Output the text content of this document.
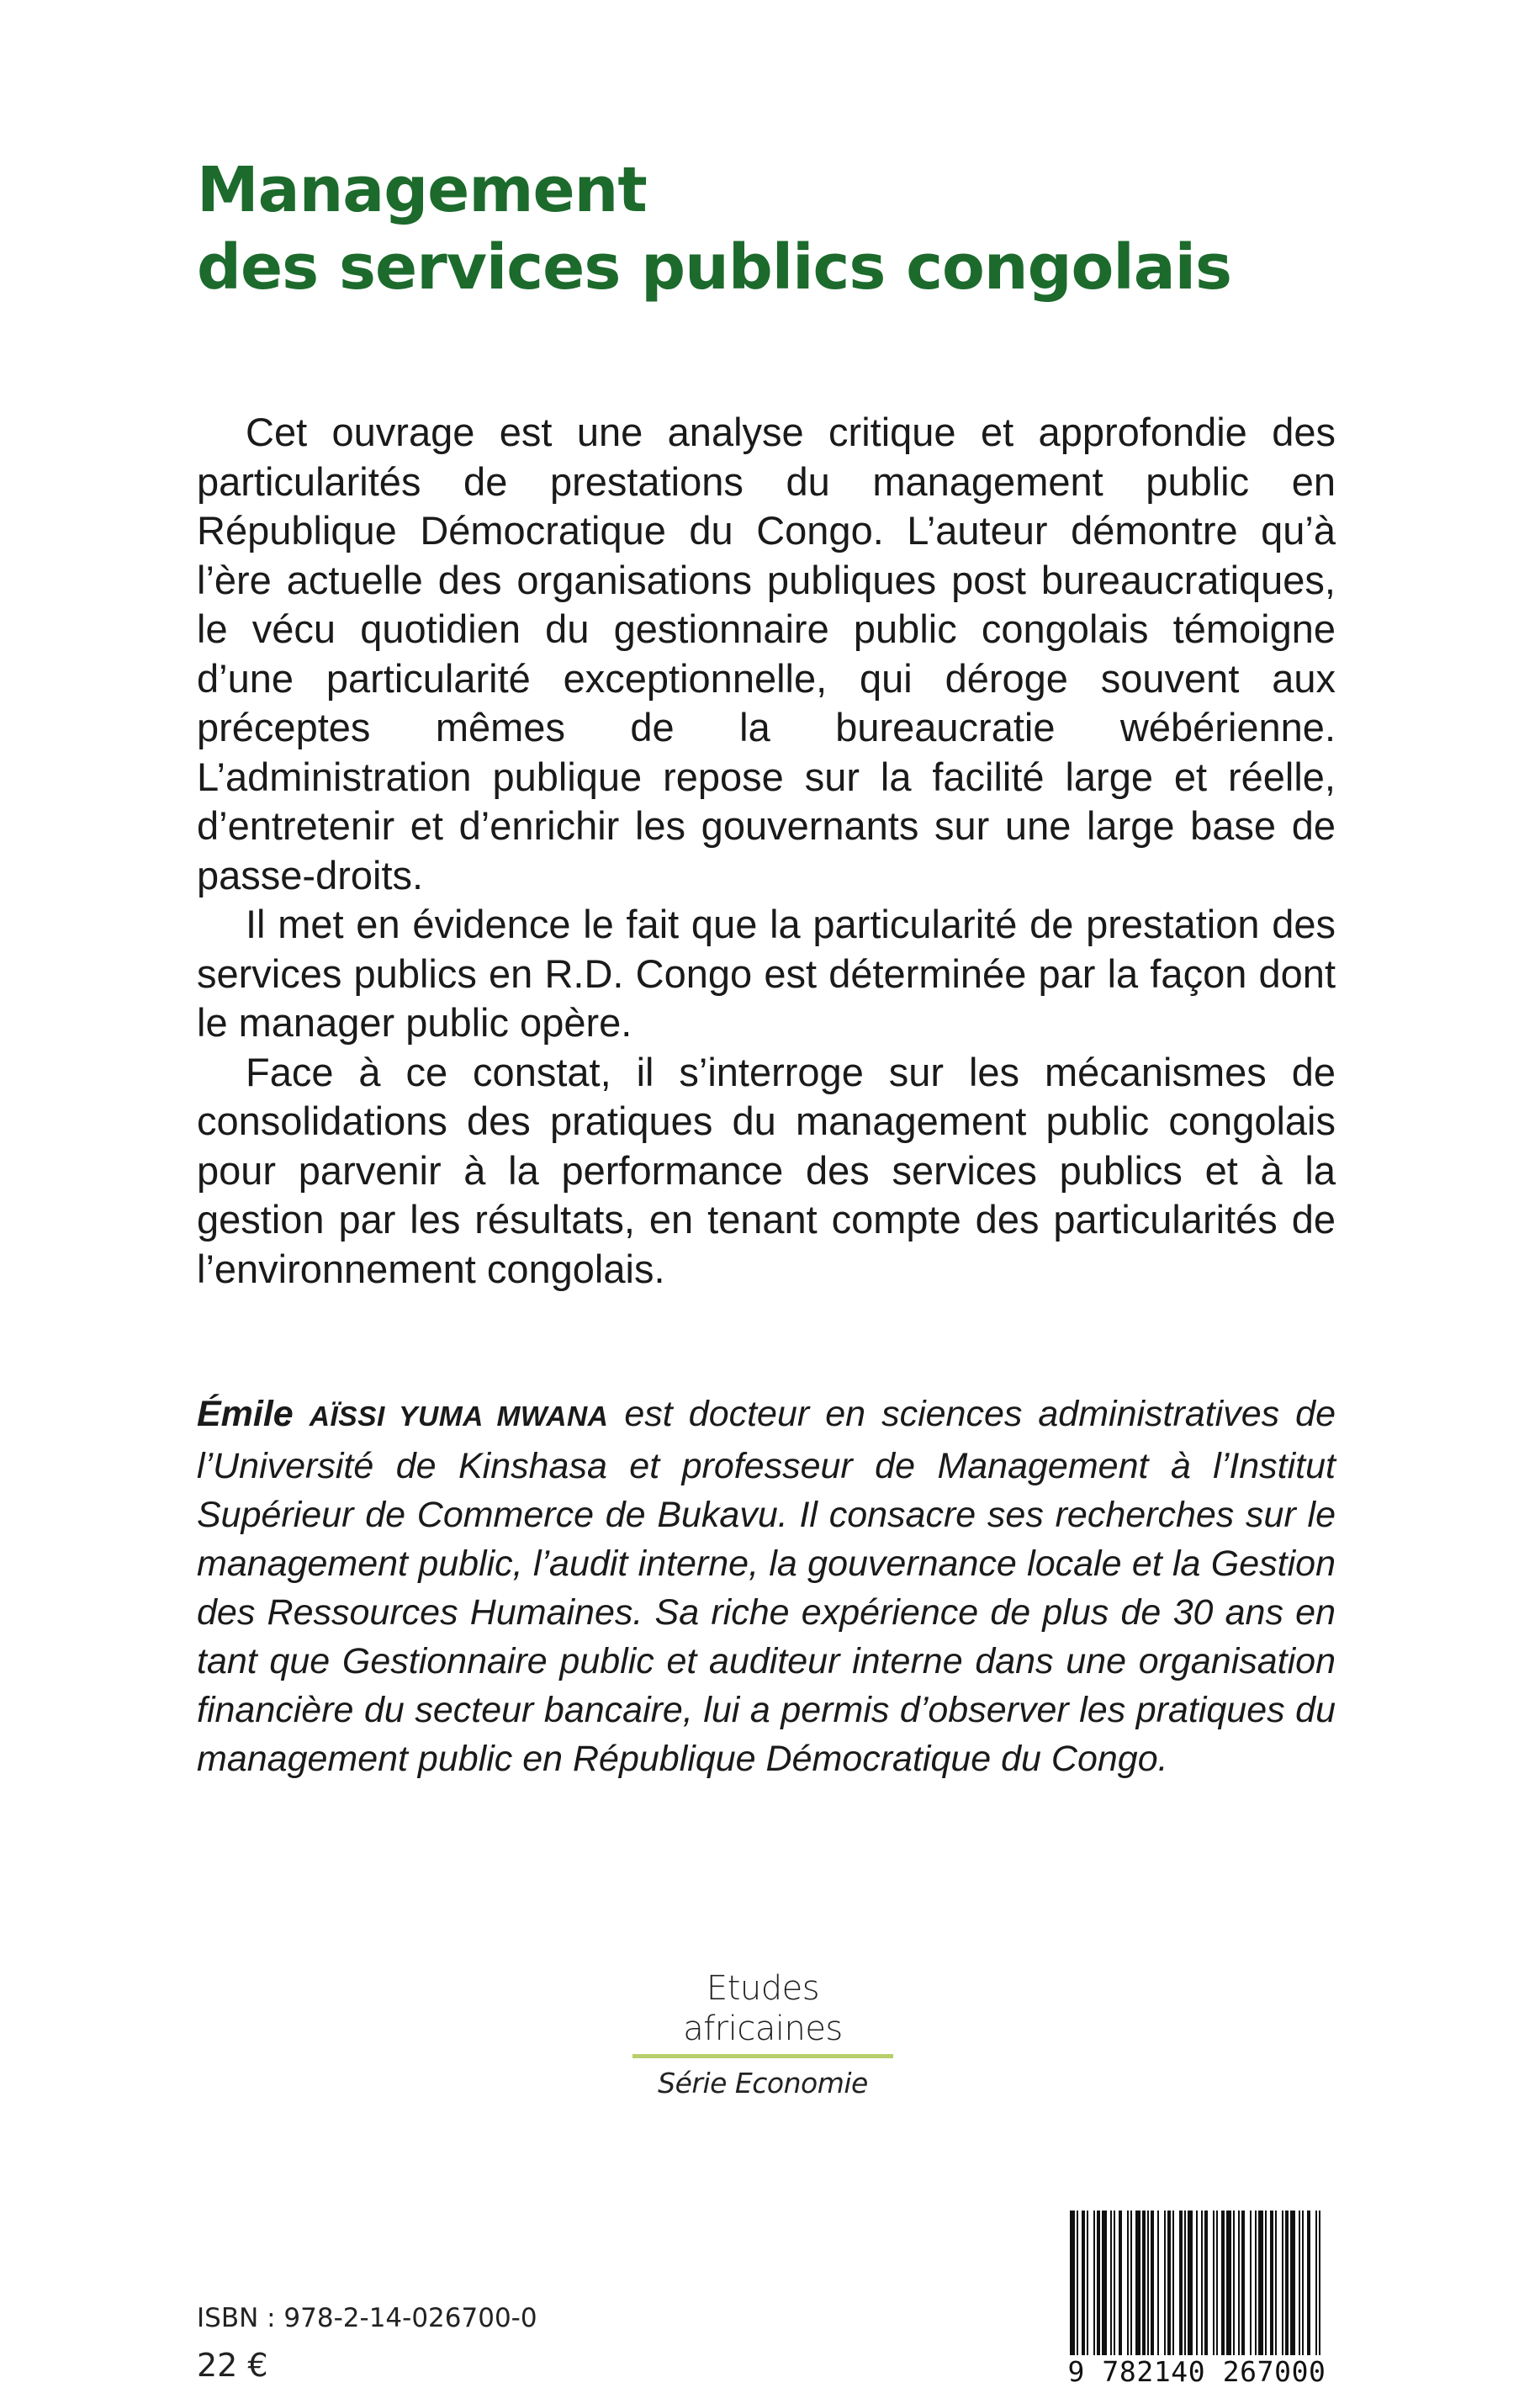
Management
des services publics congolais

Cet ouvrage est une analyse critique et approfondie des particularités de prestations du management public en République Démocratique du Congo. L’auteur démontre qu’à l’ère actuelle des organisations publiques post bureaucratiques, le vécu quotidien du gestionnaire public congolais témoigne d’une particularité exceptionnelle, qui déroge souvent aux préceptes mêmes de la bureaucratie wébérienne. L’administration publique repose sur la facilité large et réelle, d’entretenir et d’enrichir les gouvernants sur une large base de passe-droits.

Il met en évidence le fait que la particularité de prestation des services publics en R.D. Congo est déterminée par la façon dont le manager public opère.

Face à ce constat, il s’interroge sur les mécanismes de consolidations des pratiques du management public congolais pour parvenir à la performance des services publics et à la gestion par les résultats, en tenant compte des particularités de l’environnement congolais.

Émile AÏSSI YUMA MWANA est docteur en sciences administratives de l’Université de Kinshasa et professeur de Management à l’Institut Supérieur de Commerce de Bukavu. Il consacre ses recherches sur le management public, l’audit interne, la gouvernance locale et la Gestion des Ressources Humaines. Sa riche expérience de plus de 30 ans en tant que Gestionnaire public et auditeur interne dans une organisation financière du secteur bancaire, lui a permis d’observer les pratiques du management public en République Démocratique du Congo.
Etudes africaines
Série Economie
ISBN : 978-2-14-026700-0
22 €	9 782140 267000
